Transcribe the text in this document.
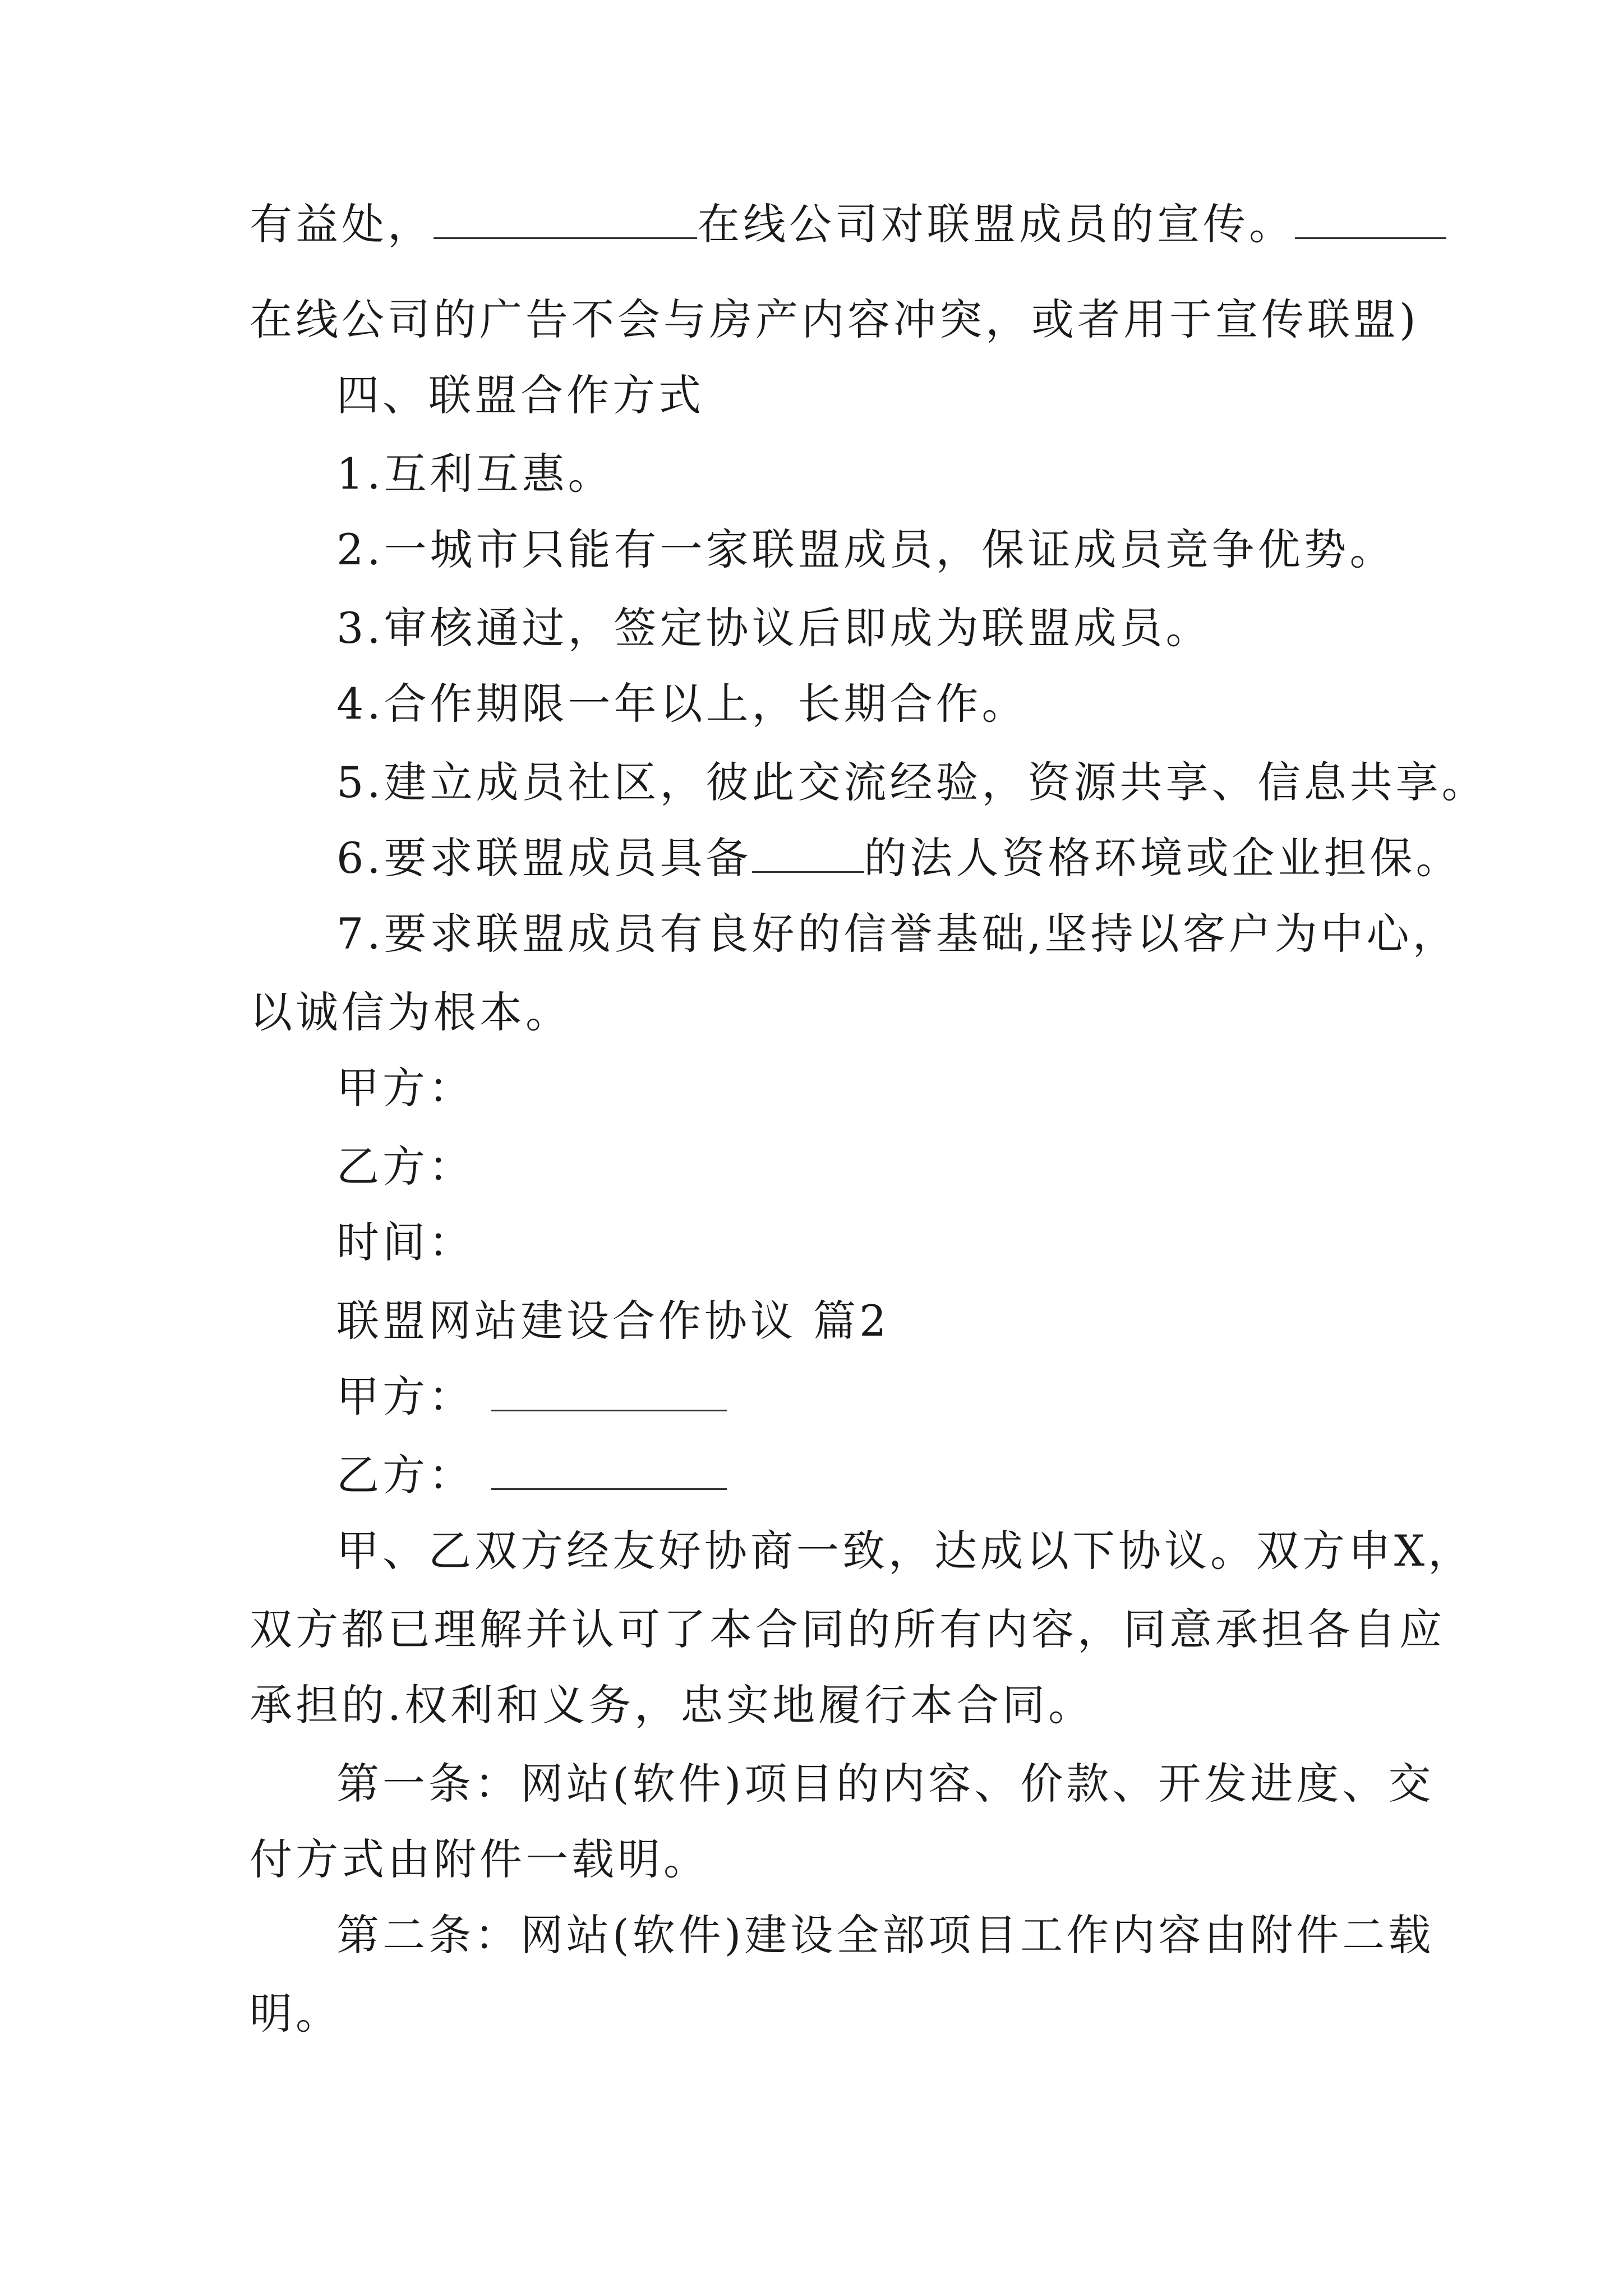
有益处，	在线公司对联盟成员的宣传。
在线公司的广告不会与房产内容冲突，或者用于宣传联盟)
四、联盟合作方式
1.互利互惠。
2.一城市只能有一家联盟成员，保证成员竞争优势。
3.审核通过，签定协议后即成为联盟成员。
4.合作期限一年以上，长期合作。
5.建立成员社区，彼此交流经验，资源共享、信息共享。
6.要求联盟成员具备	的法人资格环境或企业担保。
7.要求联盟成员有良好的信誉基础,坚持以客户为中心，
以诚信为根本。
甲方：
乙方：
时间：
联盟网站建设合作协议 篇2
甲方：
乙方：
甲、乙双方经友好协商一致，达成以下协议。双方申X，
双方都已理解并认可了本合同的所有内容，同意承担各自应
承担的.权利和义务，忠实地履行本合同。
第一条：网站(软件)项目的内容、价款、开发进度、交
付方式由附件一载明。
第二条：网站(软件)建设全部项目工作内容由附件二载
明。
